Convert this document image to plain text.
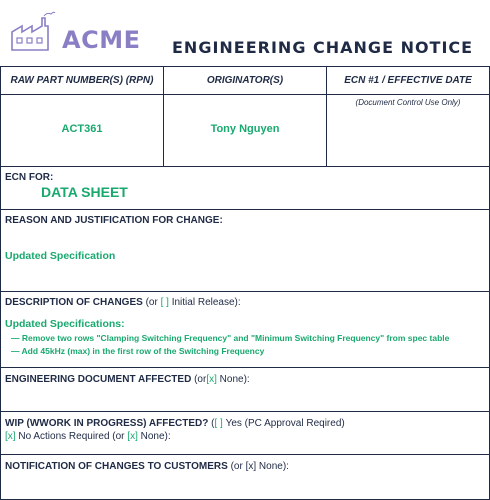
ACME ENGINEERING CHANGE NOTICE
RAW PART NUMBER(S) (RPN)
ACT361
ORIGINATOR(S)
Tony Nguyen
ECN #1 / EFFECTIVE DATE
(Document Control Use Only)
ECN FOR:
DATA SHEET
REASON AND JUSTIFICATION FOR CHANGE:
Updated Specification
DESCRIPTION OF CHANGES (or [ ] Initial Release):
Updated Specifications:
— Remove two rows "Clamping Switching Frequency" and "Minimum Switching Frequency" from spec table
— Add 45kHz (max) in the first row of the Switching Frequency
ENGINEERING DOCUMENT AFFECTED (or[x] None):
WIP (WWORK IN PROGRESS) AFFECTED? ([ ] Yes (PC Approval Reqired)
[x] No Actions Required (or [x] None):
NOTIFICATION OF CHANGES TO CUSTOMERS (or [x] None):
